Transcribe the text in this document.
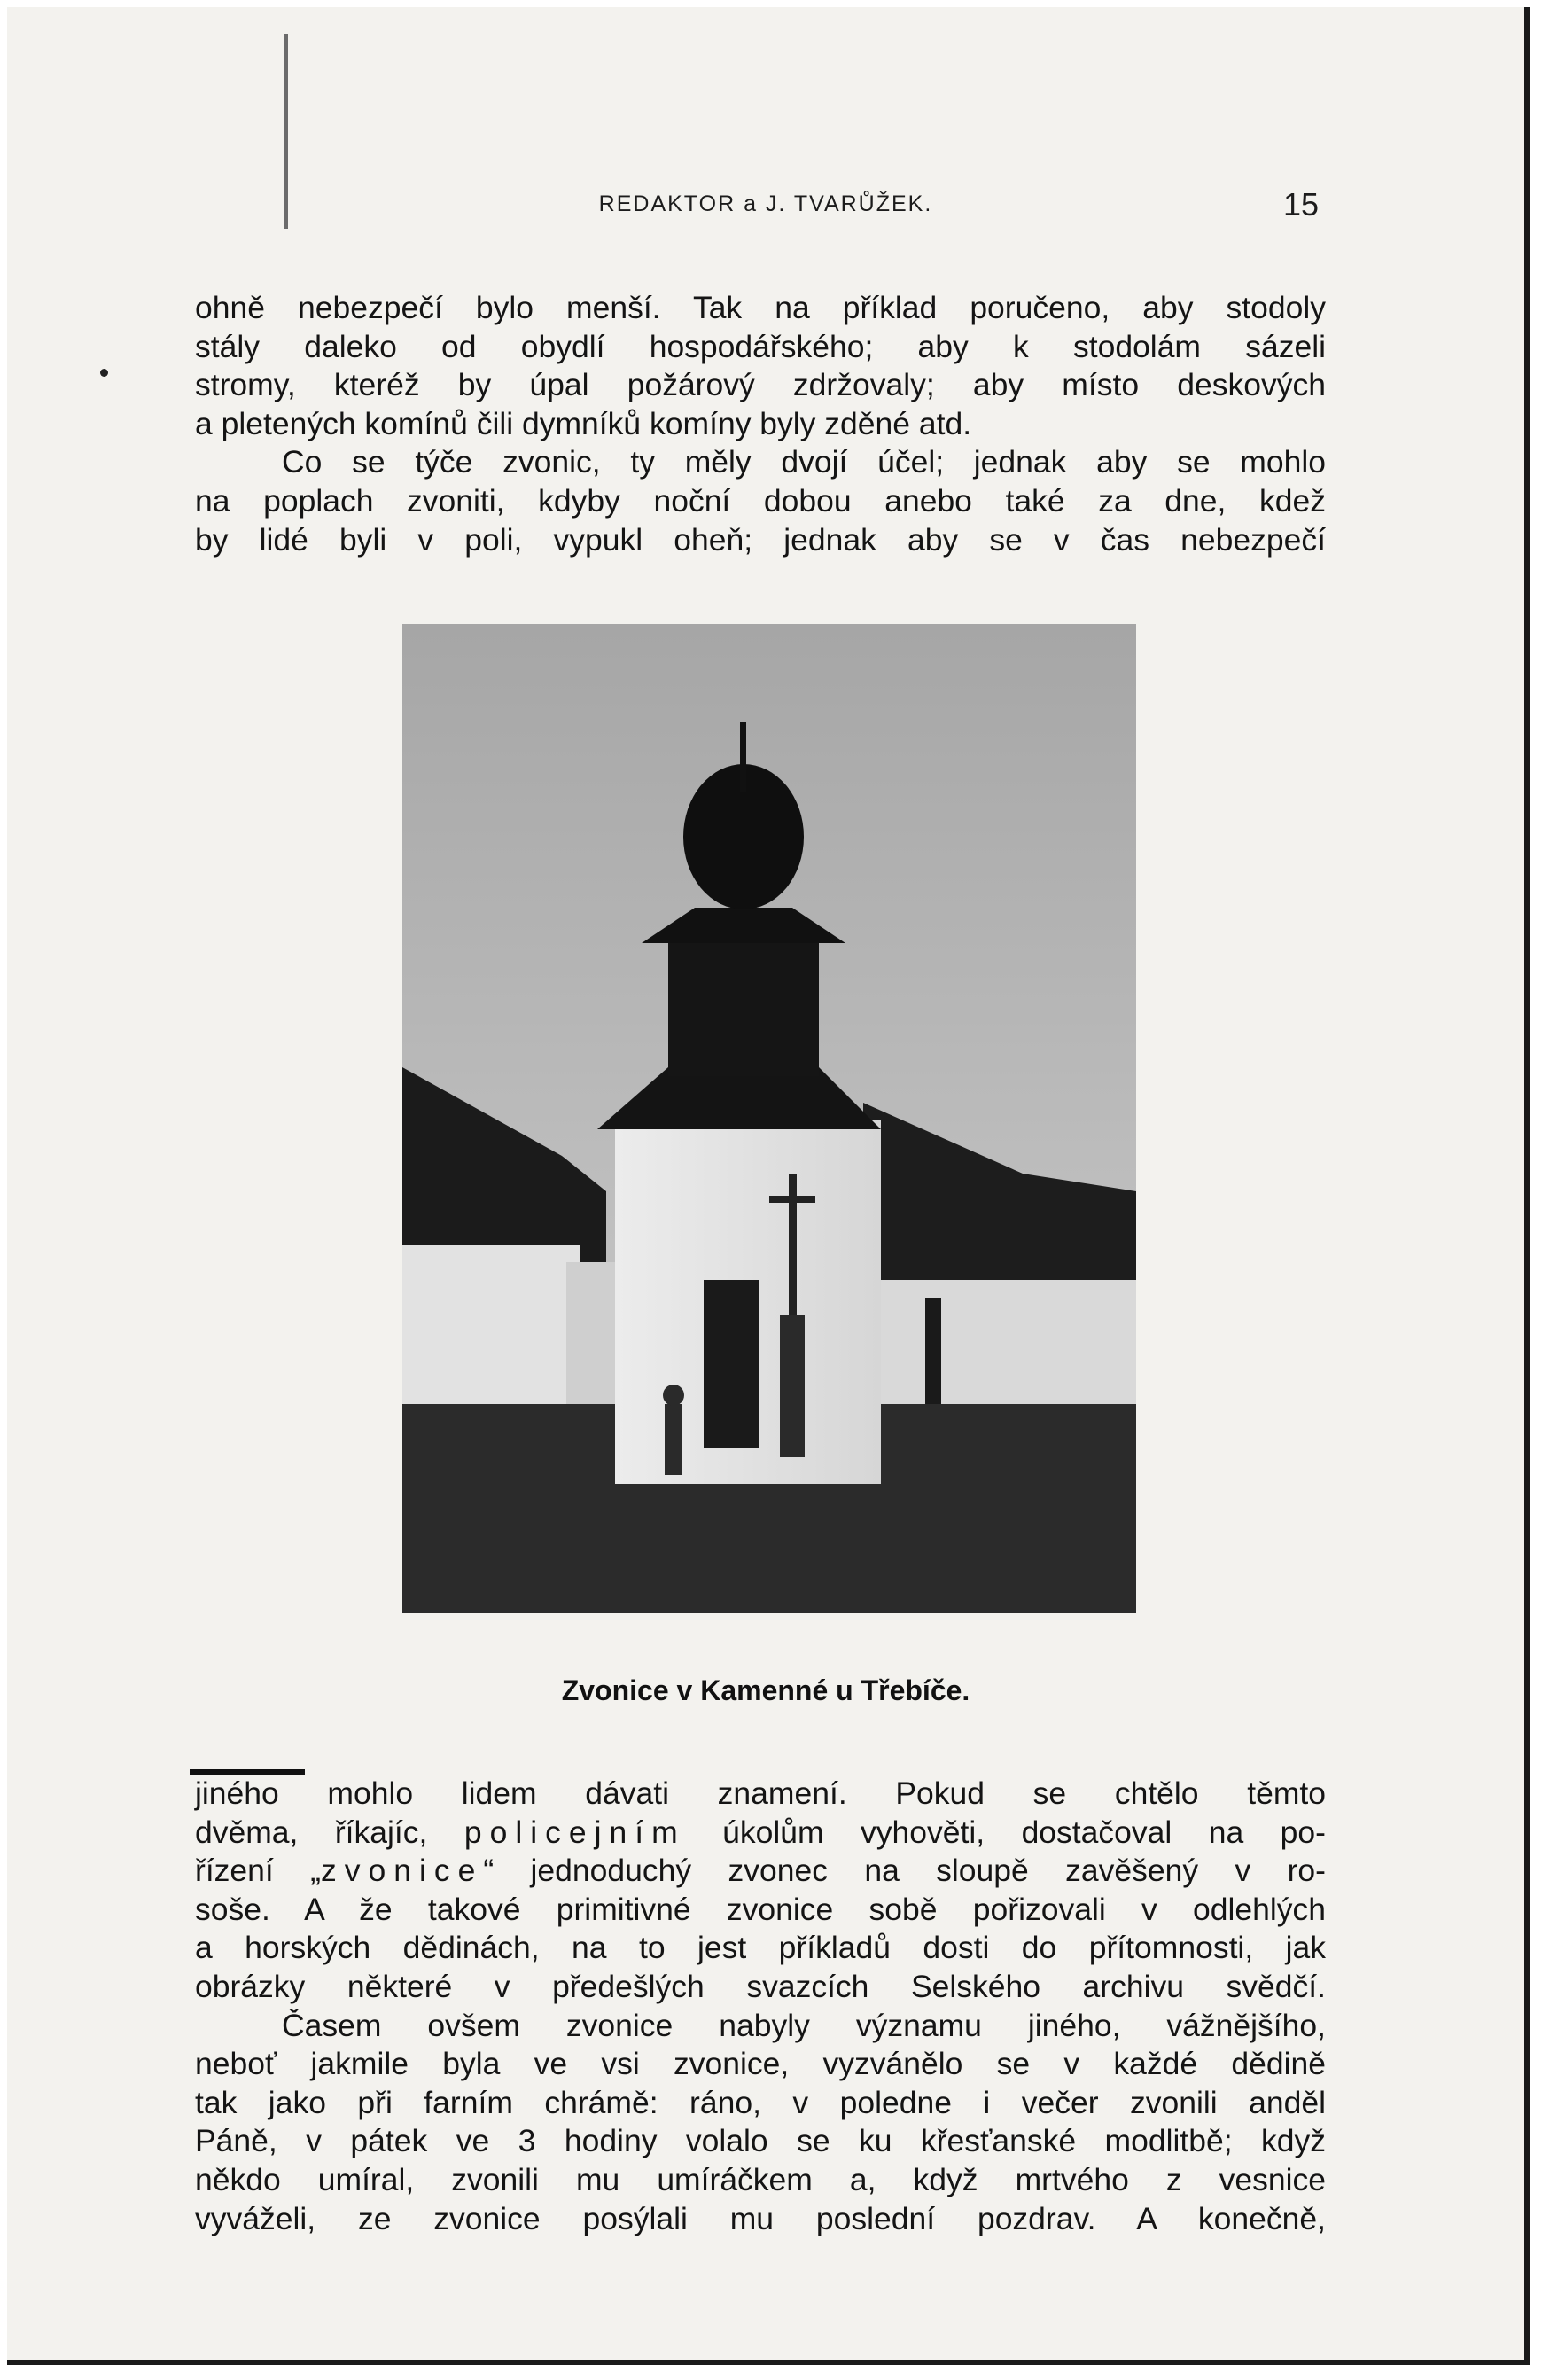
REDAKTOR a J. TVARŮŽEK.	15

ohně nebezpečí bylo menší. Tak na příklad poručeno, aby stodoly
stály daleko od obydlí hospodářského; aby k stodolám sázeli
stromy, kteréž by úpal požárový zdržovaly; aby místo deskových
a pletených komínů čili dymníků komíny byly zděné atd.

Co se týče zvonic, ty měly dvojí účel; jednak aby se mohlo
na poplach zvoniti, kdyby noční dobou anebo také za dne, kdež
by lidé byli v poli, vypukl oheň; jednak aby se v čas nebezpečí

Zvonice v Kamenné u Třebíče.

jiného mohlo lidem dávati znamení. Pokud se chtělo těmto
dvěma, říkajíc, policejním úkolům vyhověti, dostačoval na po-
řízení „zvonice“ jednoduchý zvonec na sloupě zavěšený v ro-
soše. A že takové primitivné zvonice sobě pořizovali v odlehlých
a horských dědinách, na to jest příkladů dosti do přítomnosti, jak
obrázky některé v předešlých svazcích Selského archivu svědčí.

Časem ovšem zvonice nabyly významu jiného, vážnějšího,
neboť jakmile byla ve vsi zvonice, vyzvánělo se v každé dědině
tak jako při farním chrámě: ráno, v poledne i večer zvonili anděl
Páně, v pátek ve 3 hodiny volalo se ku křesťanské modlitbě; když
někdo umíral, zvonili mu umíráčkem a, když mrtvého z vesnice
vyváželi, ze zvonice posýlali mu poslední pozdrav. A konečně,
